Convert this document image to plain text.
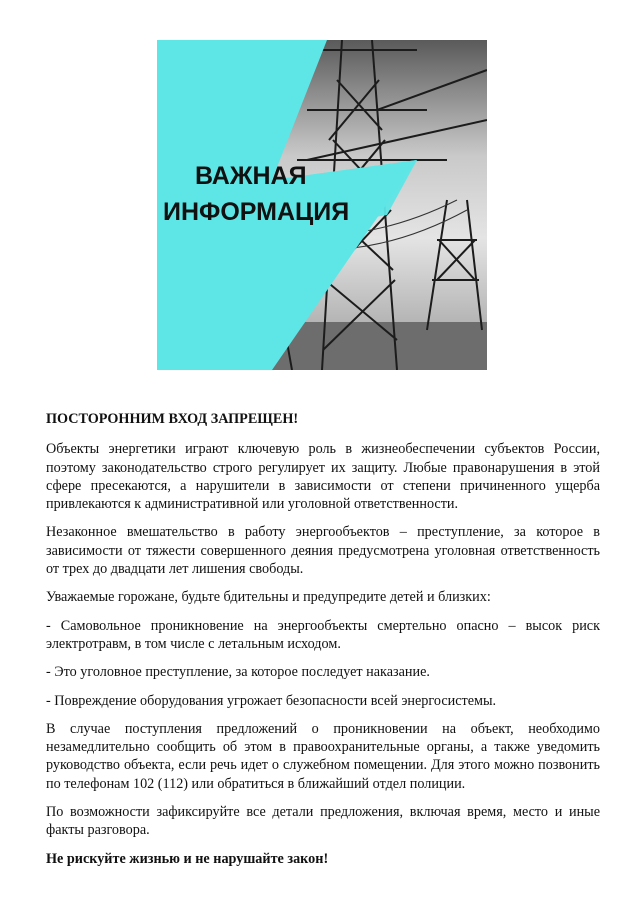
ВАЖНАЯ
ИНФОРМАЦИЯ

ПОСТОРОННИМ ВХОД ЗАПРЕЩЕН!

Объекты энергетики играют ключевую роль в жизнеобеспечении субъектов России, поэтому законодательство строго регулирует их защиту. Любые правонарушения в этой сфере пресекаются, а нарушители в зависимости от степени причиненного ущерба привлекаются к административной или уголовной ответственности.

Незаконное вмешательство в работу энергообъектов – преступление, за которое в зависимости от тяжести совершенного деяния предусмотрена уголовная ответственность от трех до двадцати лет лишения свободы.

Уважаемые горожане, будьте бдительны и предупредите детей и близких:

- Самовольное проникновение на энергообъекты смертельно опасно – высок риск электротравм, в том числе с летальным исходом.

- Это уголовное преступление, за которое последует наказание.

- Повреждение оборудования угрожает безопасности всей энергосистемы.

В случае поступления предложений о проникновении на объект, необходимо незамедлительно сообщить об этом в правоохранительные органы, а также уведомить руководство объекта, если речь идет о служебном помещении. Для этого можно позвонить по телефонам 102 (112) или обратиться в ближайший отдел полиции.

По возможности зафиксируйте все детали предложения, включая время, место и иные факты разговора.

Не рискуйте жизнью и не нарушайте закон!
